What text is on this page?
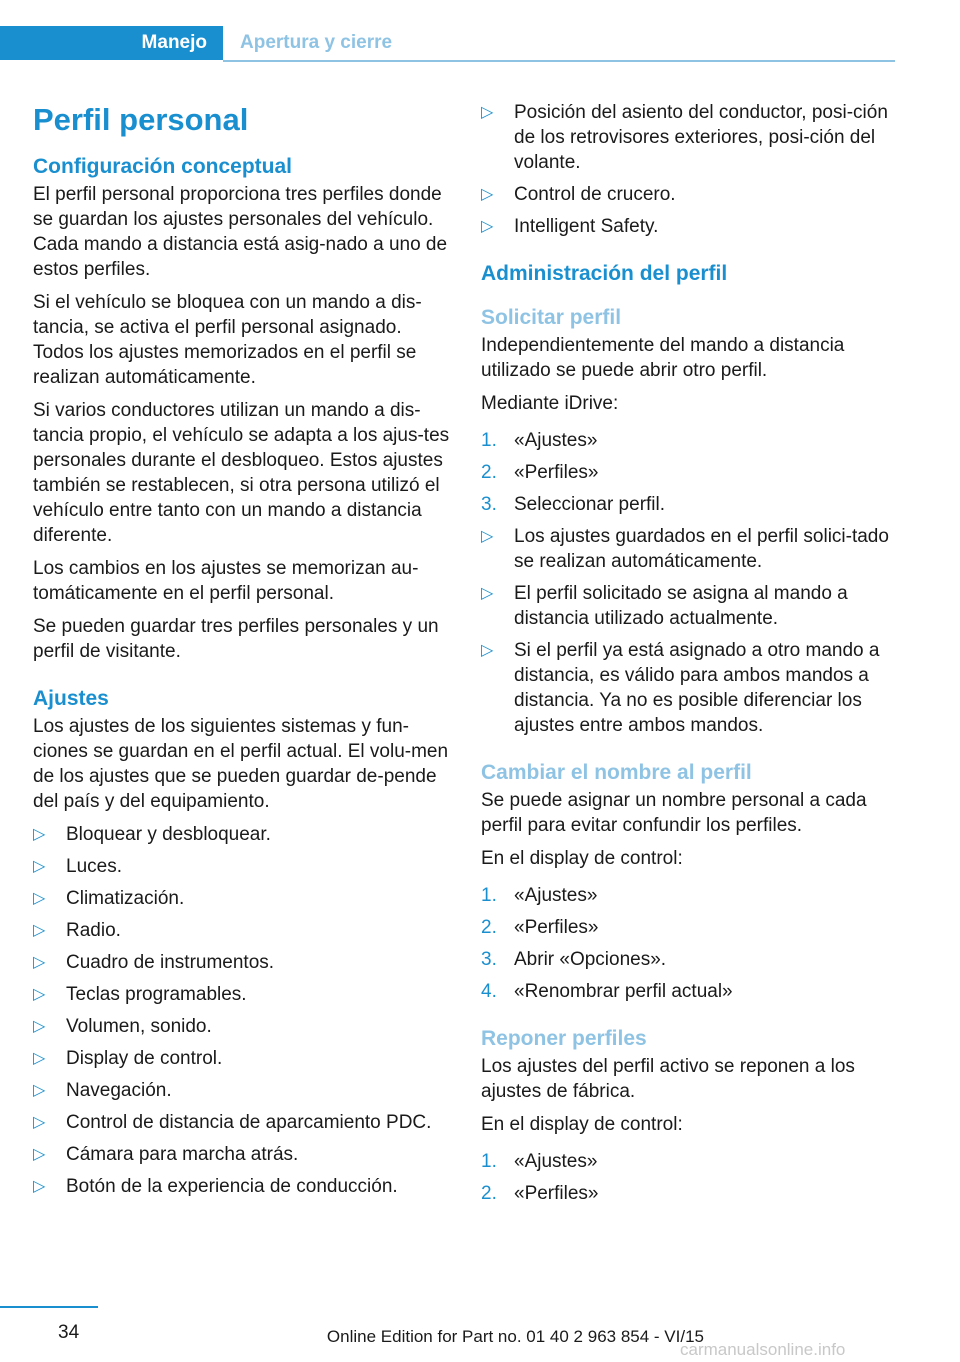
Manejo	Apertura y cierre
Perfil personal
Configuración conceptual

El perfil personal proporciona tres perfiles donde se guardan los ajustes personales del vehículo. Cada mando a distancia está asig‐nado a uno de estos perfiles.

Si el vehículo se bloquea con un mando a dis‐tancia, se activa el perfil personal asignado. Todos los ajustes memorizados en el perfil se realizan automáticamente.

Si varios conductores utilizan un mando a dis‐tancia propio, el vehículo se adapta a los ajus‐tes personales durante el desbloqueo. Estos ajustes también se restablecen, si otra persona utilizó el vehículo entre tanto con un mando a distancia diferente.

Los cambios en los ajustes se memorizan au‐tomáticamente en el perfil personal.

Se pueden guardar tres perfiles personales y un perfil de visitante.

Ajustes

Los ajustes de los siguientes sistemas y fun‐ciones se guardan en el perfil actual. El volu‐men de los ajustes que se pueden guardar de‐pende del país y del equipamiento.

▷ Bloquear y desbloquear.
▷ Luces.
▷ Climatización.
▷ Radio.
▷ Cuadro de instrumentos.
▷ Teclas programables.
▷ Volumen, sonido.
▷ Display de control.
▷ Navegación.
▷ Control de distancia de aparcamiento PDC.
▷ Cámara para marcha atrás.
▷ Botón de la experiencia de conducción.
▷ Posición del asiento del conductor, posi‐ción de los retrovisores exteriores, posi‐ción del volante.
▷ Control de crucero.
▷ Intelligent Safety.
Administración del perfil
Solicitar perfil

Independientemente del mando a distancia utilizado se puede abrir otro perfil.

Mediante iDrive:

1. «Ajustes»
2. «Perfiles»
3. Seleccionar perfil.
▷ Los ajustes guardados en el perfil solici‐tado se realizan automáticamente.
▷ El perfil solicitado se asigna al mando a distancia utilizado actualmente.
▷ Si el perfil ya está asignado a otro mando a distancia, es válido para ambos mandos a distancia. Ya no es posible diferenciar los ajustes entre ambos mandos.
Cambiar el nombre al perfil

Se puede asignar un nombre personal a cada perfil para evitar confundir los perfiles.

En el display de control:

1. «Ajustes»
2. «Perfiles»
3. Abrir «Opciones».
4. «Renombrar perfil actual»
Reponer perfiles

Los ajustes del perfil activo se reponen a los ajustes de fábrica.

En el display de control:

1. «Ajustes»
2. «Perfiles»
34	Online Edition for Part no. 01 40 2 963 854 - VI/15
carmanualsonline.info
